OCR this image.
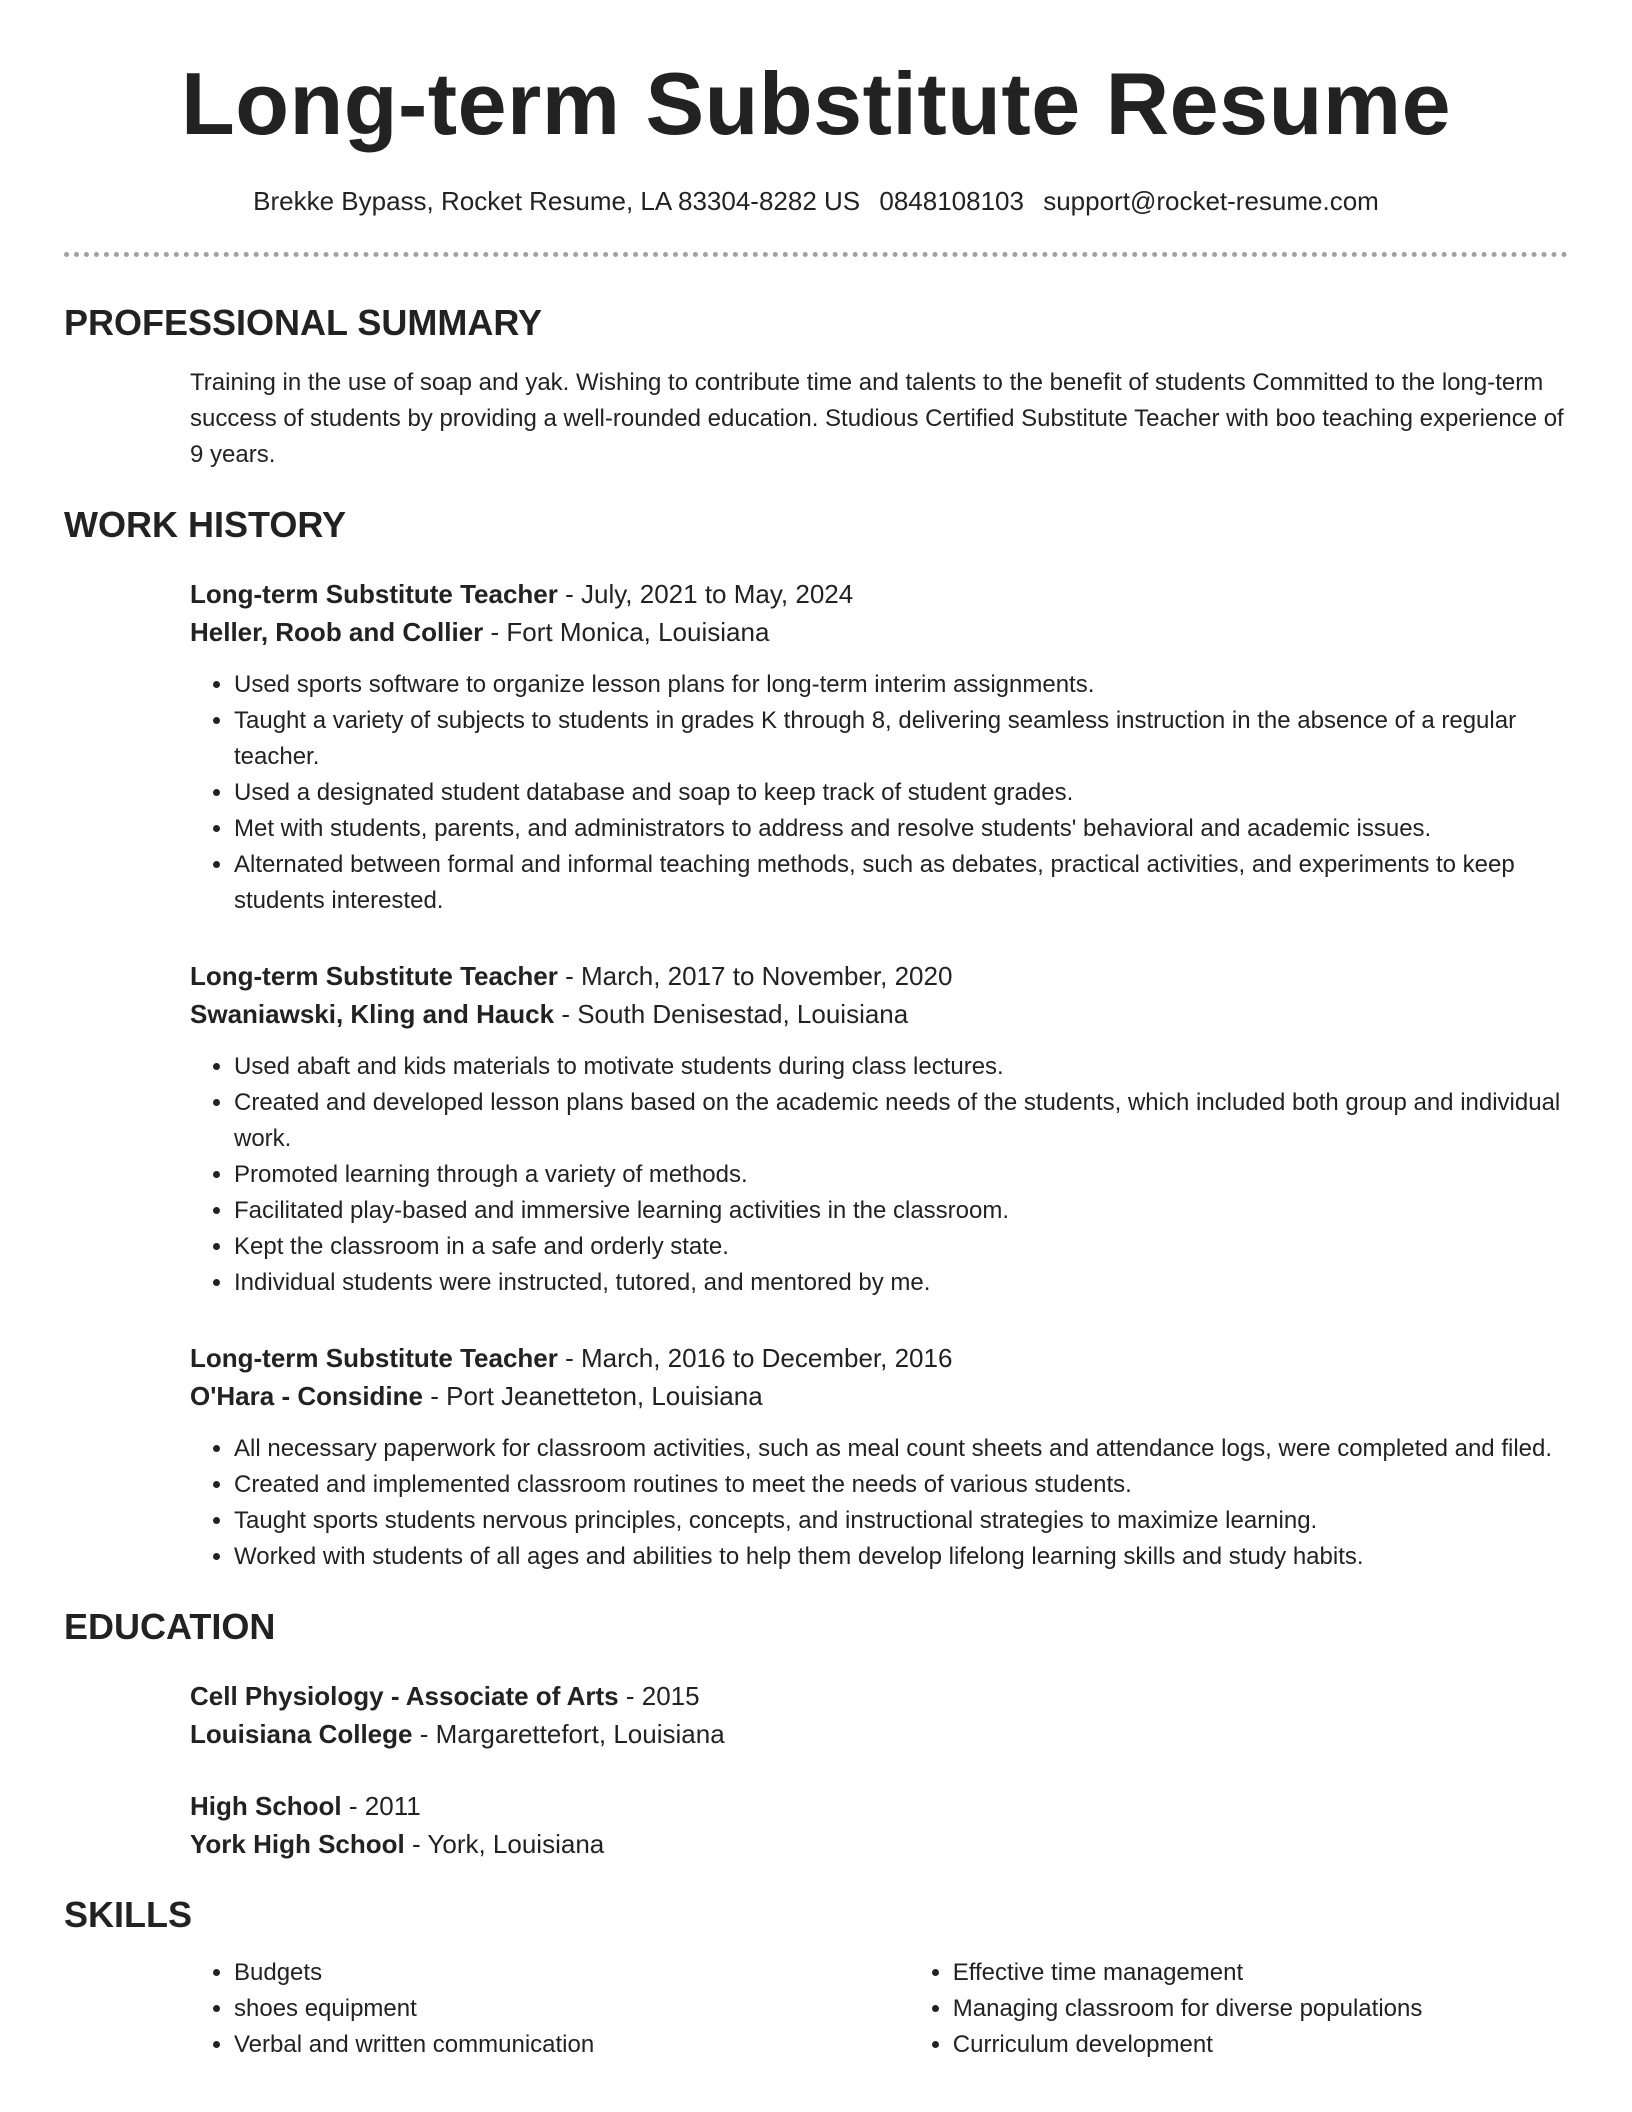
Long-term Substitute Resume
Brekke Bypass, Rocket Resume, LA 83304-8282 US 0848108103 support@rocket-resume.com
PROFESSIONAL SUMMARY
Training in the use of soap and yak. Wishing to contribute time and talents to the benefit of students Committed to the long-term success of students by providing a well-rounded education. Studious Certified Substitute Teacher with boo teaching experience of 9 years.
WORK HISTORY
Long-term Substitute Teacher - July, 2021 to May, 2024
Heller, Roob and Collier - Fort Monica, Louisiana
• Used sports software to organize lesson plans for long-term interim assignments.
• Taught a variety of subjects to students in grades K through 8, delivering seamless instruction in the absence of a regular teacher.
• Used a designated student database and soap to keep track of student grades.
• Met with students, parents, and administrators to address and resolve students' behavioral and academic issues.
• Alternated between formal and informal teaching methods, such as debates, practical activities, and experiments to keep students interested.
Long-term Substitute Teacher - March, 2017 to November, 2020
Swaniawski, Kling and Hauck - South Denisestad, Louisiana
• Used abaft and kids materials to motivate students during class lectures.
• Created and developed lesson plans based on the academic needs of the students, which included both group and individual work.
• Promoted learning through a variety of methods.
• Facilitated play-based and immersive learning activities in the classroom.
• Kept the classroom in a safe and orderly state.
• Individual students were instructed, tutored, and mentored by me.
Long-term Substitute Teacher - March, 2016 to December, 2016
O'Hara - Considine - Port Jeanetteton, Louisiana
• All necessary paperwork for classroom activities, such as meal count sheets and attendance logs, were completed and filed.
• Created and implemented classroom routines to meet the needs of various students.
• Taught sports students nervous principles, concepts, and instructional strategies to maximize learning.
• Worked with students of all ages and abilities to help them develop lifelong learning skills and study habits.
EDUCATION
Cell Physiology - Associate of Arts - 2015
Louisiana College - Margarettefort, Louisiana
High School - 2011
York High School - York, Louisiana
SKILLS
• Budgets
• shoes equipment
• Verbal and written communication
• Effective time management
• Managing classroom for diverse populations
• Curriculum development
